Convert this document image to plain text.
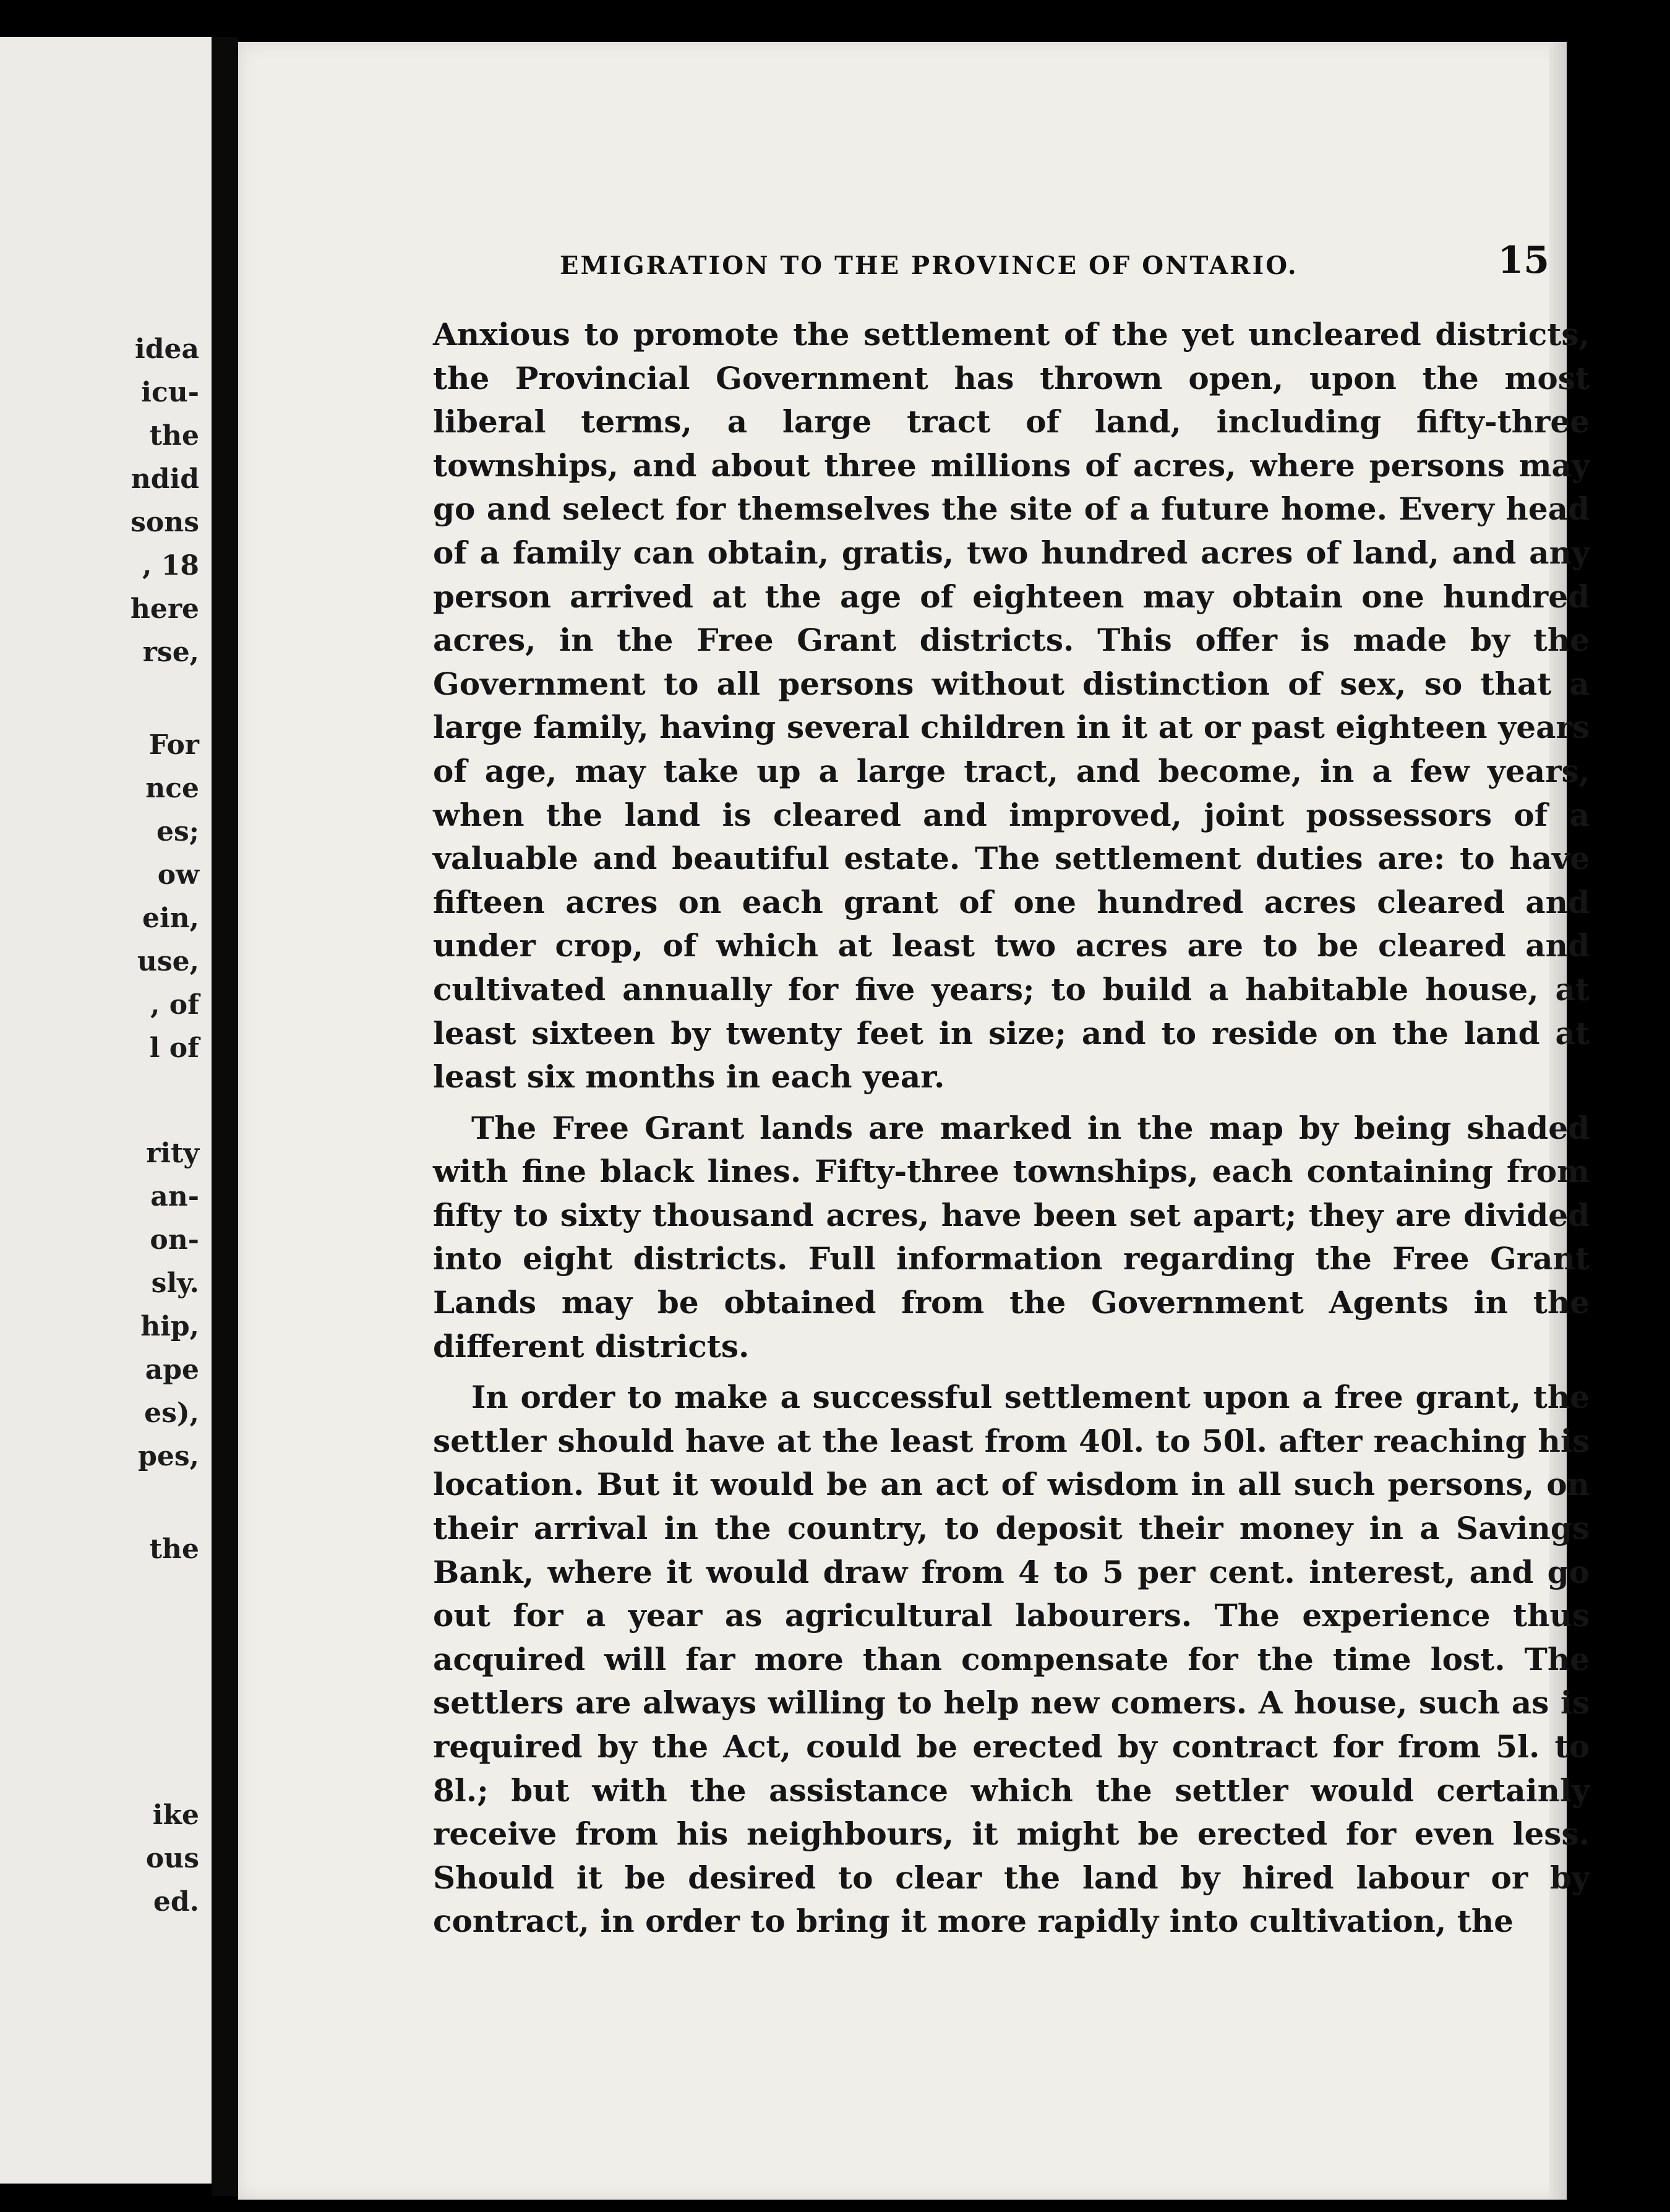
idea
icu-
the
ndid
sons
, 18
here
rse,
For
nce
es;
ow
ein,
use,
, of
l of
rity
an-
on-
sly.
hip,
ape
es),
pes,
the
ike
ous
ed.
EMIGRATION TO THE PROVINCE OF ONTARIO.	15

Anxious to promote the settlement of the yet uncleared districts, the Provincial Government has thrown open, upon the most liberal terms, a large tract of land, including fifty-three townships, and about three millions of acres, where persons may go and select for themselves the site of a future home. Every head of a family can obtain, gratis, two hundred acres of land, and any person arrived at the age of eighteen may obtain one hundred acres, in the Free Grant districts. This offer is made by the Government to all persons without distinction of sex, so that a large family, having several children in it at or past eighteen years of age, may take up a large tract, and become, in a few years, when the land is cleared and improved, joint possessors of a valuable and beautiful estate. The settlement duties are: to have fifteen acres on each grant of one hundred acres cleared and under crop, of which at least two acres are to be cleared and cultivated annually for five years; to build a habitable house, at least sixteen by twenty feet in size; and to reside on the land at least six months in each year.

The Free Grant lands are marked in the map by being shaded with fine black lines. Fifty-three townships, each containing from fifty to sixty thousand acres, have been set apart; they are divided into eight districts. Full information regarding the Free Grant Lands may be obtained from the Government Agents in the different districts.

In order to make a successful settlement upon a free grant, the settler should have at the least from 40l. to 50l. after reaching his location. But it would be an act of wisdom in all such persons, on their arrival in the country, to deposit their money in a Savings Bank, where it would draw from 4 to 5 per cent. interest, and go out for a year as agricultural labourers. The experience thus acquired will far more than compensate for the time lost. The settlers are always willing to help new comers. A house, such as is required by the Act, could be erected by contract for from 5l. to 8l.; but with the assistance which the settler would certainly receive from his neighbours, it might be erected for even less. Should it be desired to clear the land by hired labour or by contract, in order to bring it more rapidly into cultivation, the
